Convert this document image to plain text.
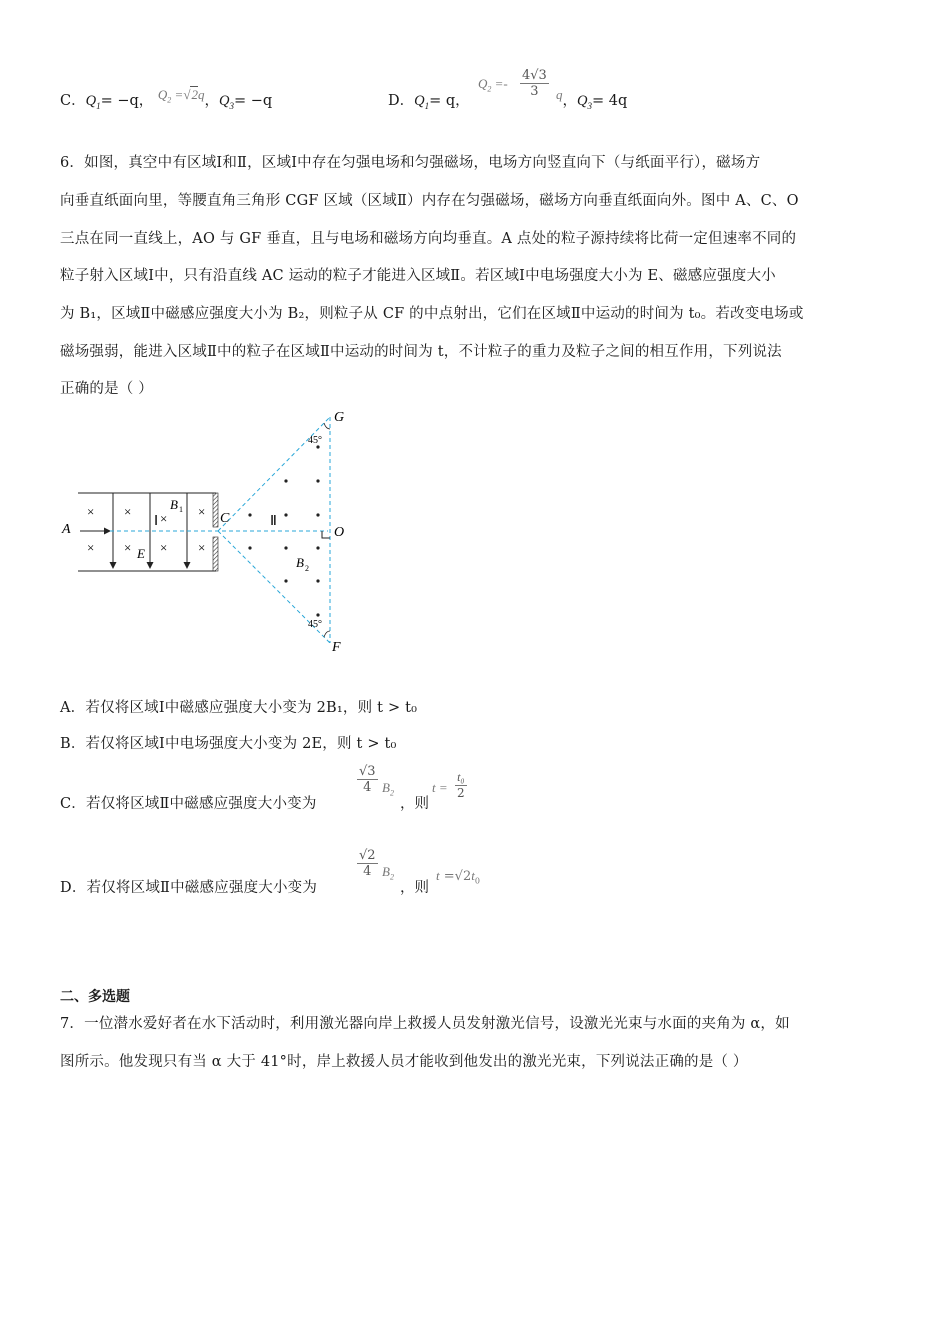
C．$Q_1= -q$， $Q_2 =√2q$，$Q_3= -q$	D．$Q_1= q$，
$Q_2 =- \frac{4√3}{3}$ q，$Q_3= 4q$
6．如图，真空中有区域Ⅰ和Ⅱ，区域Ⅰ中存在匀强电场和匀强磁场，电场方向竖直向下（与纸面平行），磁场方
向垂直纸面向里，等腰直角三角形 CGF 区域（区域Ⅱ）内存在匀强磁场，磁场方向垂直纸面向外。图中 A、C、O
三点在同一直线上，AO 与 GF 垂直，且与电场和磁场方向均垂直。A 点处的粒子源持续将比荷一定但速率不同的
粒子射入区域Ⅰ中，只有沿直线 AC 运动的粒子才能进入区域Ⅱ。若区域Ⅰ中电场强度大小为 E、磁感应强度大小
为 B₁，区域Ⅱ中磁感应强度大小为 B₂，则粒子从 CF 的中点射出，它们在区域Ⅱ中运动的时间为 t₀。若改变电场或
磁场强弱，能进入区域Ⅱ中的粒子在区域Ⅱ中运动的时间为 t，不计粒子的重力及粒子之间的相互作用，下列说法
正确的是（ ）
× × × ×
× × × ×
G
F
O
C
A
E
B 1
B 2
Ⅰ	Ⅱ
45°
45°
A．若仅将区域Ⅰ中磁感应强度大小变为 2B₁，则 t > t₀
B．若仅将区域Ⅰ中电场强度大小变为 2E，则 t > t₀
C．若仅将区域Ⅱ中磁感应强度大小变为
$\frac{√3}{4} B_2$
，则
$t = \frac{\text{t₀}}{2}$
D．若仅将区域Ⅱ中磁感应强度大小变为
$\frac{√2}{4} B_2$
，则
$t =√2t_0$
二、多选题
7．一位潜水爱好者在水下活动时，利用激光器向岸上救援人员发射激光信号，设激光光束与水面的夹角为 α，如
图所示。他发现只有当 α 大于 41°时，岸上救援人员才能收到他发出的激光光束，下列说法正确的是（ ）
